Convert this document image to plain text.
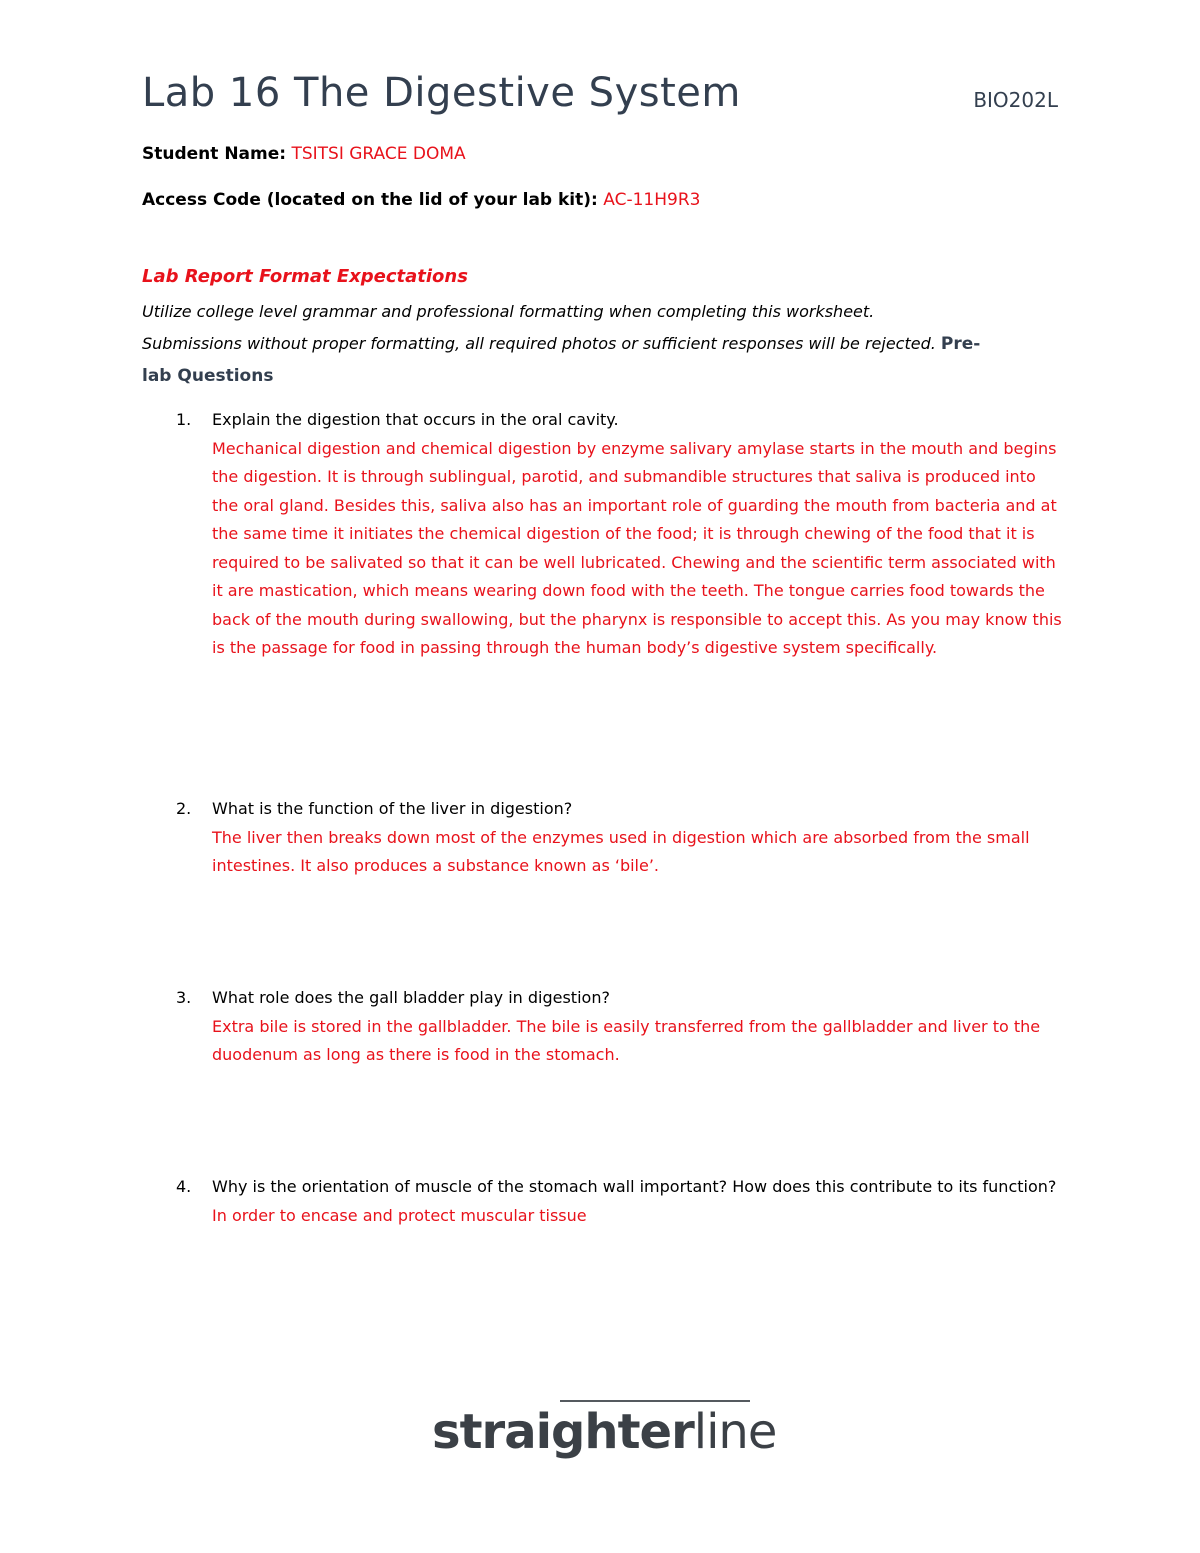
Lab 16 The Digestive System	BIO202L
Student Name: TSITSI GRACE DOMA
Access Code (located on the lid of your lab kit): AC-11H9R3
Lab Report Format Expectations
Utilize college level grammar and professional formatting when completing this worksheet.
Submissions without proper formatting, all required photos or sufficient responses will be rejected. Pre-
lab Questions
1. Explain the digestion that occurs in the oral cavity.
Mechanical digestion and chemical digestion by enzyme salivary amylase starts in the mouth and begins the digestion. It is through sublingual, parotid, and submandible structures that saliva is produced into the oral gland. Besides this, saliva also has an important role of guarding the mouth from bacteria and at the same time it initiates the chemical digestion of the food; it is through chewing of the food that it is required to be salivated so that it can be well lubricated. Chewing and the scientific term associated with it are mastication, which means wearing down food with the teeth. The tongue carries food towards the back of the mouth during swallowing, but the pharynx is responsible to accept this. As you may know this is the passage for food in passing through the human body’s digestive system specifically.
2. What is the function of the liver in digestion?
The liver then breaks down most of the enzymes used in digestion which are absorbed from the small intestines. It also produces a substance known as ‘bile’.
3. What role does the gall bladder play in digestion?
Extra bile is stored in the gallbladder. The bile is easily transferred from the gallbladder and liver to the duodenum as long as there is food in the stomach.
4. Why is the orientation of muscle of the stomach wall important? How does this contribute to its function?
In order to encase and protect muscular tissue
straighterline
